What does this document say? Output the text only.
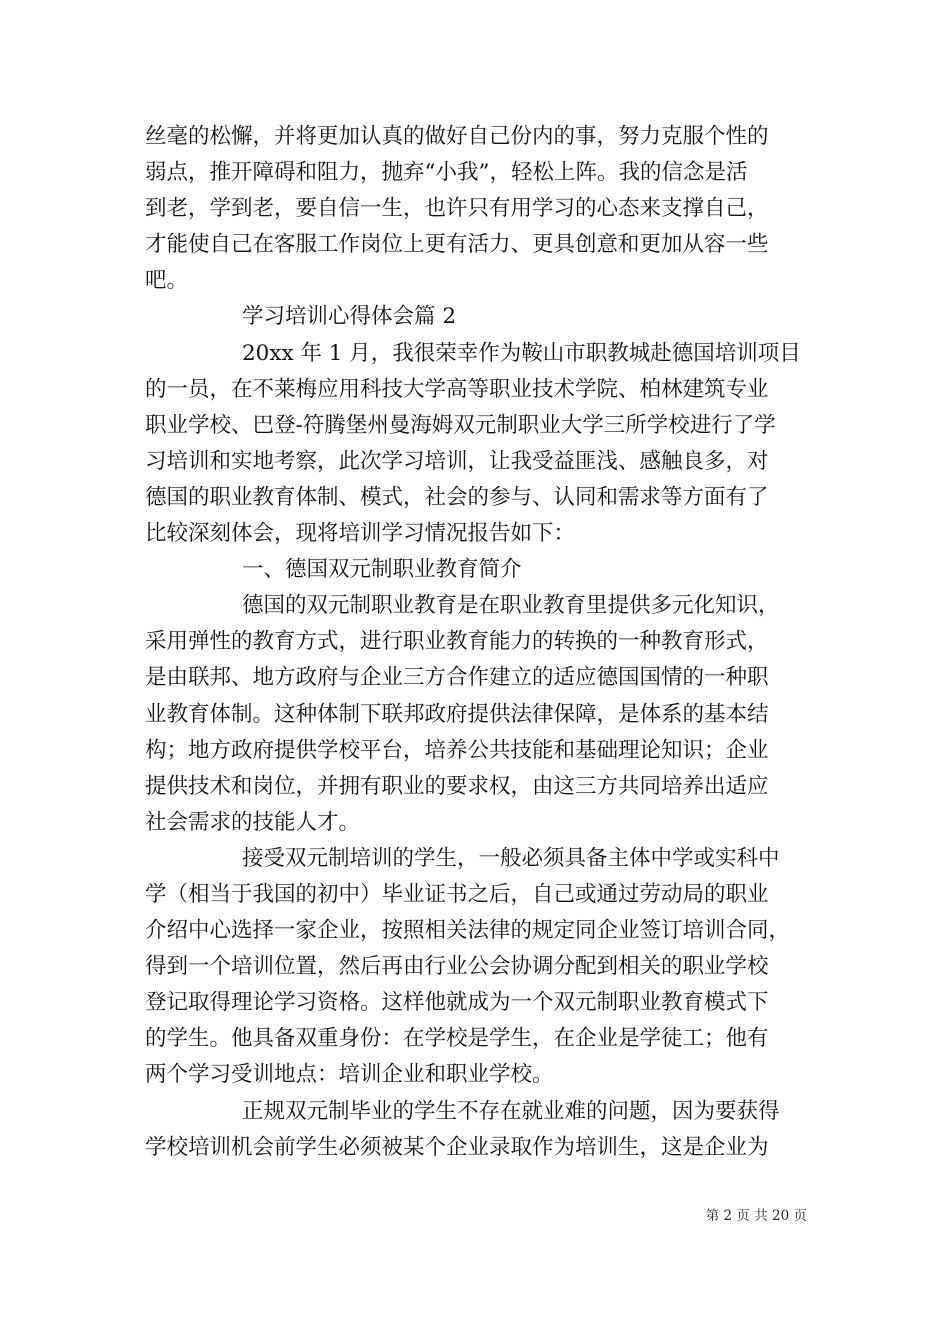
丝毫的松懈，并将更加认真的做好自己份内的事，努力克服个性的
弱点，推开障碍和阻力，抛弃“小我”，轻松上阵。我的信念是活
到老，学到老，要自信一生，也许只有用学习的心态来支撑自己，
才能使自己在客服工作岗位上更有活力、更具创意和更加从容一些
吧。
学习培训心得体会篇 2
20xx 年 1 月，我很荣幸作为鞍山市职教城赴德国培训项目
的一员，在不莱梅应用科技大学高等职业技术学院、柏林建筑专业
职业学校、巴登-符腾堡州曼海姆双元制职业大学三所学校进行了学
习培训和实地考察，此次学习培训，让我受益匪浅、感触良多，对
德国的职业教育体制、模式，社会的参与、认同和需求等方面有了
比较深刻体会，现将培训学习情况报告如下：
一、德国双元制职业教育简介
德国的双元制职业教育是在职业教育里提供多元化知识，
采用弹性的教育方式，进行职业教育能力的转换的一种教育形式，
是由联邦、地方政府与企业三方合作建立的适应德国国情的一种职
业教育体制。这种体制下联邦政府提供法律保障，是体系的基本结
构；地方政府提供学校平台，培养公共技能和基础理论知识；企业
提供技术和岗位，并拥有职业的要求权，由这三方共同培养出适应
社会需求的技能人才。
接受双元制培训的学生，一般必须具备主体中学或实科中
学（相当于我国的初中）毕业证书之后，自己或通过劳动局的职业
介绍中心选择一家企业，按照相关法律的规定同企业签订培训合同，
得到一个培训位置，然后再由行业公会协调分配到相关的职业学校
登记取得理论学习资格。这样他就成为一个双元制职业教育模式下
的学生。他具备双重身份：在学校是学生，在企业是学徒工；他有
两个学习受训地点：培训企业和职业学校。
正规双元制毕业的学生不存在就业难的问题，因为要获得
学校培训机会前学生必须被某个企业录取作为培训生，这是企业为
第 2 页 共 20 页
